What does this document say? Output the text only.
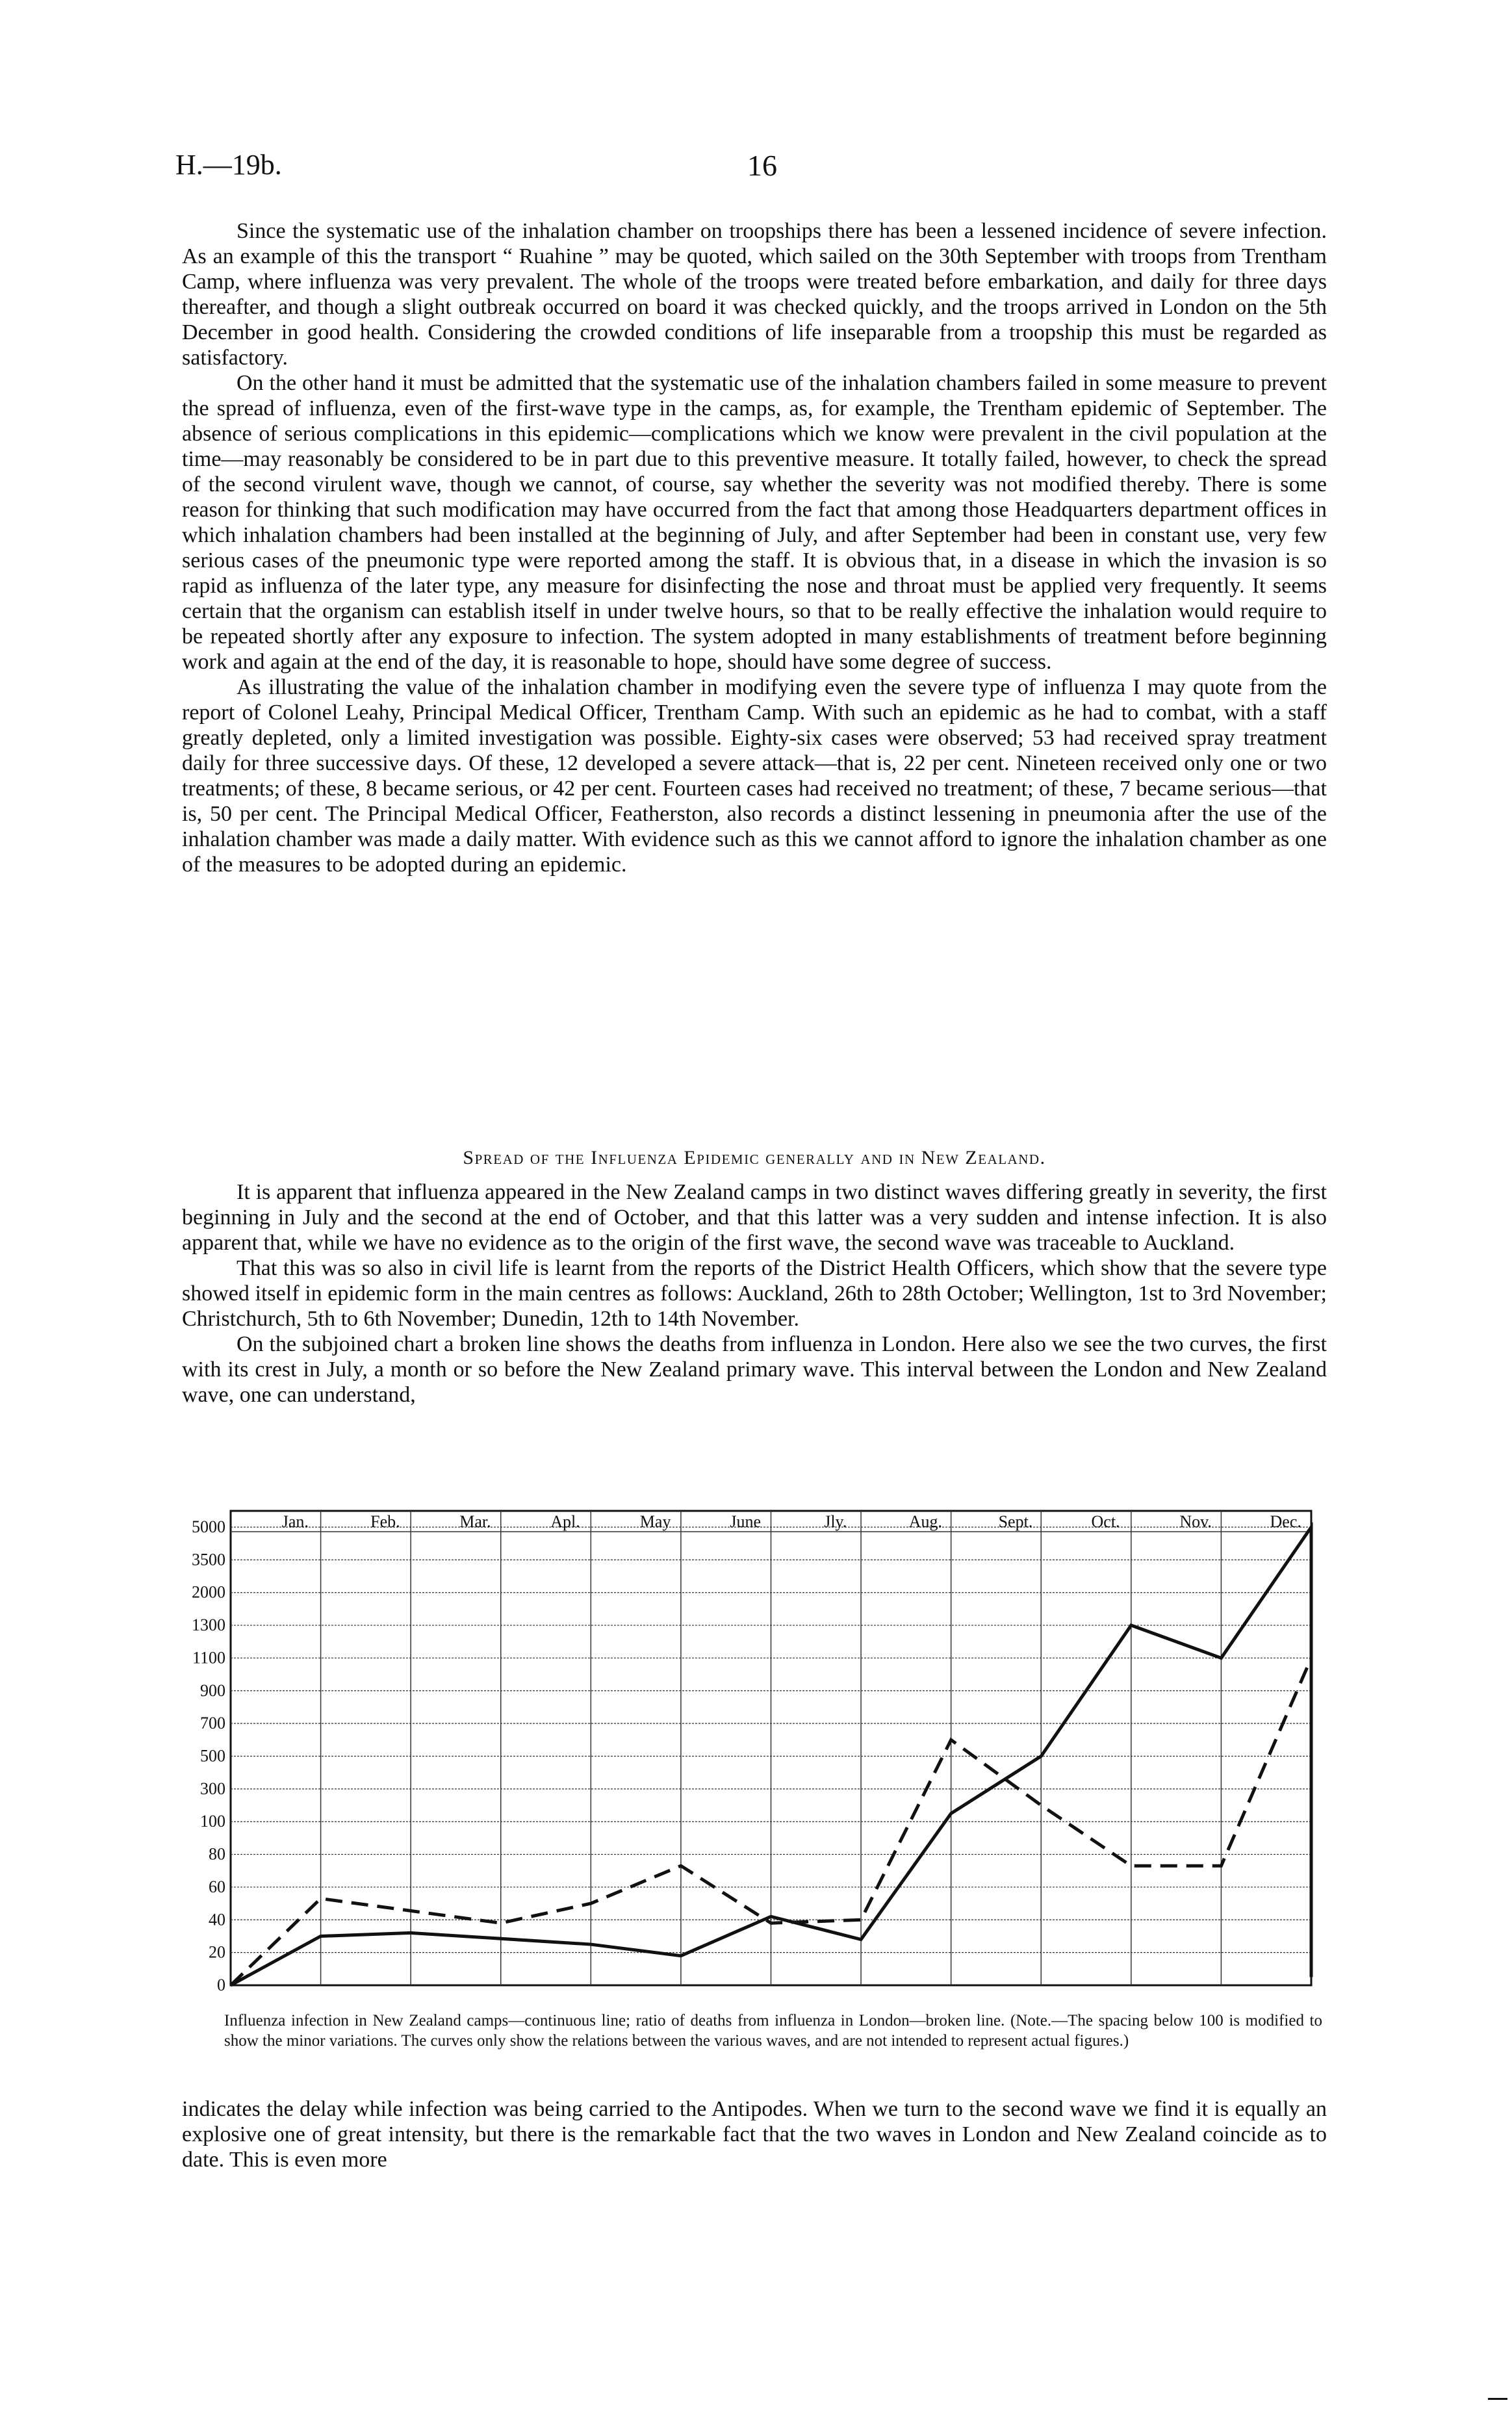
H.—19b.	16

Since the systematic use of the inhalation chamber on troopships there has been a lessened incidence of severe infection. As an example of this the transport “ Ruahine ” may be quoted, which sailed on the 30th September with troops from Trentham Camp, where influenza was very prevalent. The whole of the troops were treated before embarkation, and daily for three days thereafter, and though a slight outbreak occurred on board it was checked quickly, and the troops arrived in London on the 5th December in good health. Considering the crowded conditions of life inseparable from a troopship this must be regarded as satisfactory.

On the other hand it must be admitted that the systematic use of the inhalation chambers failed in some measure to prevent the spread of influenza, even of the first-wave type in the camps, as, for example, the Trentham epidemic of September. The absence of serious complications in this epidemic—complications which we know were prevalent in the civil population at the time—may reasonably be considered to be in part due to this preventive measure. It totally failed, however, to check the spread of the second virulent wave, though we cannot, of course, say whether the severity was not modified thereby. There is some reason for thinking that such modification may have occurred from the fact that among those Headquarters department offices in which inhalation chambers had been installed at the beginning of July, and after September had been in constant use, very few serious cases of the pneumonic type were reported among the staff. It is obvious that, in a disease in which the invasion is so rapid as influenza of the later type, any measure for disinfecting the nose and throat must be applied very frequently. It seems certain that the organism can establish itself in under twelve hours, so that to be really effective the inhalation would require to be repeated shortly after any exposure to infection. The system adopted in many establishments of treatment before beginning work and again at the end of the day, it is reasonable to hope, should have some degree of success.

As illustrating the value of the inhalation chamber in modifying even the severe type of influenza I may quote from the report of Colonel Leahy, Principal Medical Officer, Trentham Camp. With such an epidemic as he had to combat, with a staff greatly depleted, only a limited investigation was possible. Eighty-six cases were observed; 53 had received spray treatment daily for three successive days. Of these, 12 developed a severe attack—that is, 22 per cent. Nineteen received only one or two treatments; of these, 8 became serious, or 42 per cent. Fourteen cases had received no treatment; of these, 7 became serious—that is, 50 per cent. The Principal Medical Officer, Featherston, also records a distinct lessening in pneumonia after the use of the inhalation chamber was made a daily matter. With evidence such as this we cannot afford to ignore the inhalation chamber as one of the measures to be adopted during an epidemic.

Spread of the Influenza Epidemic generally and in New Zealand.

It is apparent that influenza appeared in the New Zealand camps in two distinct waves differing greatly in severity, the first beginning in July and the second at the end of October, and that this latter was a very sudden and intense infection. It is also apparent that, while we have no evidence as to the origin of the first wave, the second wave was traceable to Auckland.

That this was so also in civil life is learnt from the reports of the District Health Officers, which show that the severe type showed itself in epidemic form in the main centres as follows: Auckland, 26th to 28th October; Wellington, 1st to 3rd November; Christchurch, 5th to 6th November; Dunedin, 12th to 14th November.

On the subjoined chart a broken line shows the deaths from influenza in London. Here also we see the two curves, the first with its crest in July, a month or so before the New Zealand primary wave. This interval between the London and New Zealand wave, one can understand,

Jan.	Feb.	Mar.	Apl.	May	June	Jly.	Aug.	Sept.	Oct.	Nov.	Dec.
0
20
40
60
80
100
300
500
700
900
1100
1300
2000
3500
5000

Influenza infection in New Zealand camps—continuous line; ratio of deaths from influenza in London—broken line. (Note.—The spacing below 100 is modified to show the minor variations. The curves only show the relations between the various waves, and are not intended to represent actual figures.)

indicates the delay while infection was being carried to the Antipodes. When we turn to the second wave we find it is equally an explosive one of great intensity, but there is the remarkable fact that the two waves in London and New Zealand coincide as to date. This is even more
